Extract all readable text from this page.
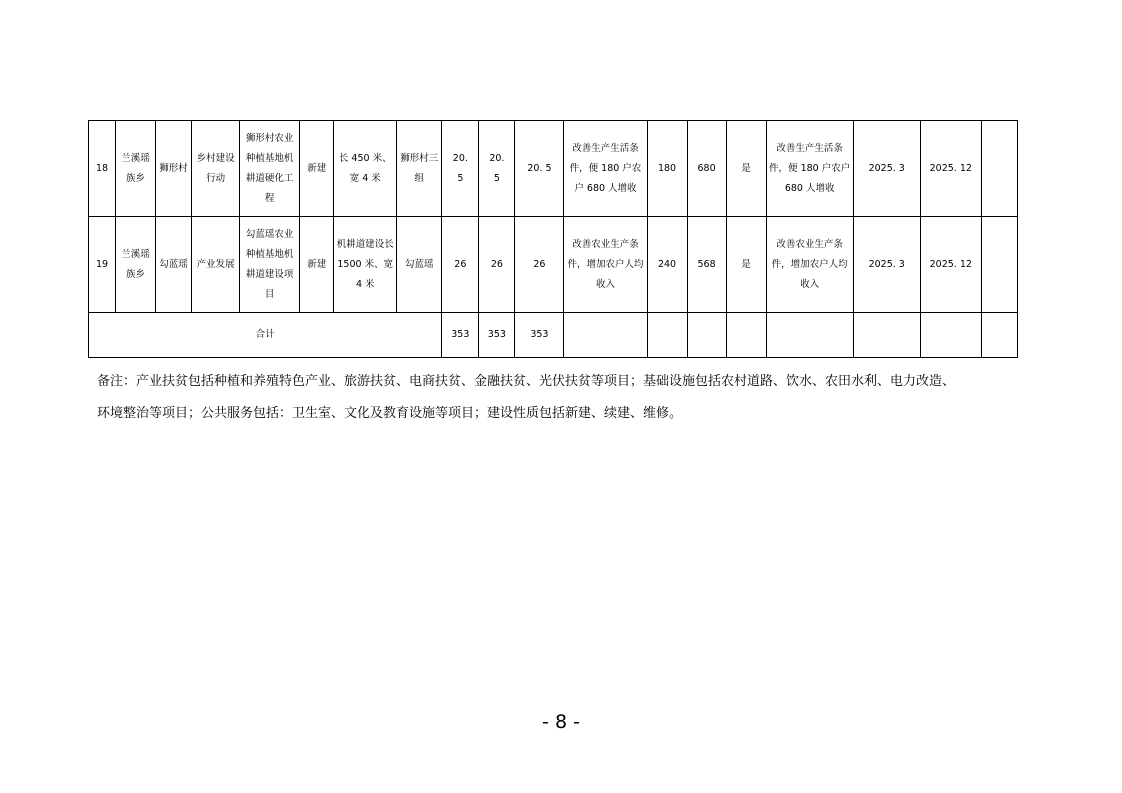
18	兰溪瑶族乡	狮形村	乡村建设行动	狮形村农业种植基地机耕道硬化工程	新建	长 450 米、宽 4 米	狮形村三组	20. 5	20. 5	20. 5	改善生产生活条件，便 180 户农户 680 人增收	180	680	是	改善生产生活条件，便 180 户农户 680 人增收	2025. 3	2025. 12	
19	兰溪瑶族乡	勾蓝瑶	产业发展	勾蓝瑶农业种植基地机耕道建设项目	新建	机耕道建设长 1500 米、宽 4 米	勾蓝瑶	26	26	26	改善农业生产条件，增加农户人均收入	240	568	是	改善农业生产条件，增加农户人均收入	2025. 3	2025. 12	
合计								353	353	353								
备注：产业扶贫包括种植和养殖特色产业、旅游扶贫、电商扶贫、金融扶贫、光伏扶贫等项目；基础设施包括农村道路、饮水、农田水利、电力改造、
环境整治等项目；公共服务包括：卫生室、文化及教育设施等项目；建设性质包括新建、续建、维修。
- 8 -
